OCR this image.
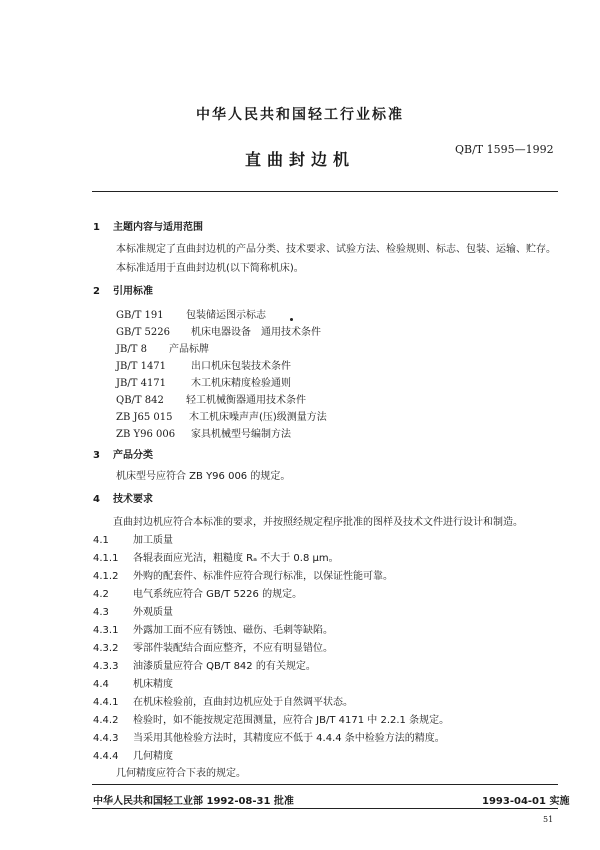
中华人民共和国轻工行业标准
直曲封边机
QB/T 1595—1992
1 主题内容与适用范围
本标准规定了直曲封边机的产品分类、技术要求、试验方法、检验规则、标志、包装、运输、贮存。
本标准适用于直曲封边机(以下简称机床)。
2 引用标准
GB/T 191 包装储运图示标志
GB/T 5226 机床电器设备　通用技术条件
JB/T 8 产品标牌
JB/T 1471 出口机床包装技术条件
JB/T 4171 木工机床精度检验通则
QB/T 842 轻工机械衡器通用技术条件
ZB J65 015 木工机床噪声声(压)级测量方法
ZB Y96 006 家具机械型号编制方法
3 产品分类
机床型号应符合 ZB Y96 006 的规定。
4 技术要求
直曲封边机应符合本标准的要求，并按照经规定程序批准的图样及技术文件进行设计和制造。
4.1 加工质量
4.1.1 各辊表面应光洁，粗糙度 Rₐ 不大于 0.8 μm。
4.1.2 外购的配套件、标准件应符合现行标准，以保证性能可靠。
4.2 电气系统应符合 GB/T 5226 的规定。
4.3 外观质量
4.3.1 外露加工面不应有锈蚀、磁伤、毛刺等缺陷。
4.3.2 零部件装配结合面应整齐，不应有明显错位。
4.3.3 油漆质量应符合 QB/T 842 的有关规定。
4.4 机床精度
4.4.1 在机床检验前，直曲封边机应处于自然调平状态。
4.4.2 检验时，如不能按规定范围测量，应符合 JB/T 4171 中 2.2.1 条规定。
4.4.3 当采用其他检验方法时，其精度应不低于 4.4.4 条中检验方法的精度。
4.4.4 几何精度
几何精度应符合下表的规定。
中华人民共和国轻工业部 1992-08-31 批准	1993-04-01 实施
51
